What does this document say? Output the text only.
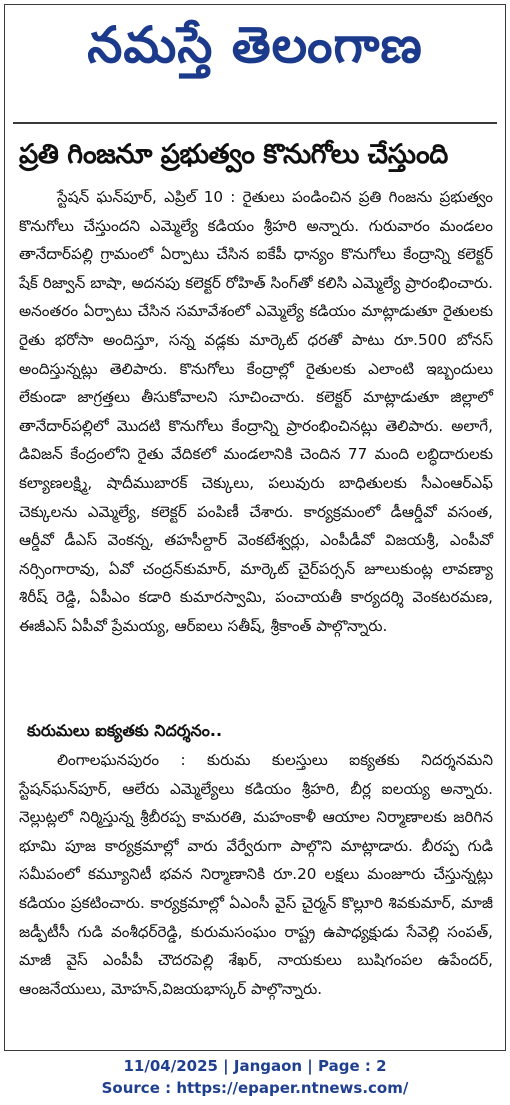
నమస్తే తెలంగాణ
ప్రతి గింజనూ ప్రభుత్వం కొనుగోలు చేస్తుంది

స్టేషన్ ఘన్‌పూర్, ఎప్రిల్ 10 : రైతులు పండించిన ప్రతి గింజను ప్రభుత్వం కొనుగోలు చేస్తుందని ఎమ్మెల్యే కడియం శ్రీహరి అన్నారు. గురువారం మండలం తానేదార్‌పల్లి గ్రామంలో ఏర్పాటు చేసిన ఐకేపీ ధాన్యం కొనుగోలు కేంద్రాన్ని కలెక్టర్ షేక్ రిజ్వాన్ బాషా, అదనపు కలెక్టర్ రోహిత్ సింగ్‌తో కలిసి ఎమ్మెల్యే ప్రారంభించారు. అనంతరం ఏర్పాటు చేసిన సమావేశంలో ఎమ్మెల్యే కడియం మాట్లాడుతూ రైతులకు రైతు భరోసా అందిస్తూ, సన్న వడ్లకు మార్కెట్ ధరతో పాటు రూ.500 బోనస్ అందిస్తున్నట్లు తెలిపారు. కొనుగోలు కేంద్రాల్లో రైతులకు ఎలాంటి ఇబ్బందులు లేకుండా జాగ్రత్తలు తీసుకోవాలని సూచించారు. కలెక్టర్ మాట్లాడుతూ జిల్లాలో తానేదార్‌పల్లిలో మొదటి కొనుగోలు కేంద్రాన్ని ప్రారంభించినట్లు తెలిపారు. అలాగే, డివిజన్ కేంద్రంలోని రైతు వేదికలో మండలానికి చెందిన 77 మంది లబ్ధిదారులకు కల్యాణలక్ష్మి, షాదీముబారక్ చెక్కులు, పలువురు బాధితులకు సీఎంఆర్‌ఎఫ్ చెక్కులను ఎమ్మెల్యే, కలెక్టర్ పంపిణీ చేశారు. కార్యక్రమంలో డీఆర్డీవో వసంత, ఆర్డీవో డీఎస్ వెంకన్న, తహసీల్దార్ వెంకటేశ్వర్లు, ఎంపీడీవో విజయశ్రీ, ఎంపీవో నర్సింగారావు, ఏవో చంద్రన్‌కుమార్, మార్కెట్ చైర్‌పర్సన్ జూలుకుంట్ల లావణ్యా శిరీష్ రెడ్డి, ఏపీఎం కడారి కుమారస్వామి, పంచాయతీ కార్యదర్శి వెంకటరమణ, ఈజీఎస్ ఏపీవో ప్రేమయ్య, ఆర్‌ఐలు సతీష్, శ్రీకాంత్ పాల్గొన్నారు.

కురుమలు ఐక్యతకు నిదర్శనం..

లింగాలఘనపురం : కురుమ కులస్తులు ఐక్యతకు నిదర్శనమని స్టేషన్‌ఘన్‌పూర్, ఆలేరు ఎమ్మెల్యేలు కడియం శ్రీహరి, బీర్ల ఐలయ్య అన్నారు. నెల్లుట్లలో నిర్మిస్తున్న శ్రీబీరప్ప కామరతి, మహంకాళీ ఆయాల నిర్మాణాలకు జరిగిన భూమి పూజ కార్యక్రమాల్లో వారు వేర్వేరుగా పాల్గొని మాట్లాడారు. బీరప్ప గుడి సమీపంలో కమ్యూనిటీ భవన నిర్మాణానికి రూ.20 లక్షలు మంజూరు చేస్తున్నట్లు కడియం ప్రకటించారు. కార్యక్రమాల్లో ఏఎంసీ వైస్ చైర్మన్ కొల్లూరి శివకుమార్, మాజీ జడ్పీటీసీ గుడి వంశీధర్‌రెడ్డి, కురుమసంఘం రాష్ట్ర ఉపాధ్యక్షుడు సేవెల్లి సంపత్, మాజీ వైస్ ఎంపీపీ చౌదరపెల్లి శేఖర్, నాయకులు బుషిగంపల ఉపేందర్, ఆంజనేయులు, మోహన్,విజయభాస్కర్ పాల్గొన్నారు.

11/04/2025 | Jangaon | Page : 2
Source : https://epaper.ntnews.com/
